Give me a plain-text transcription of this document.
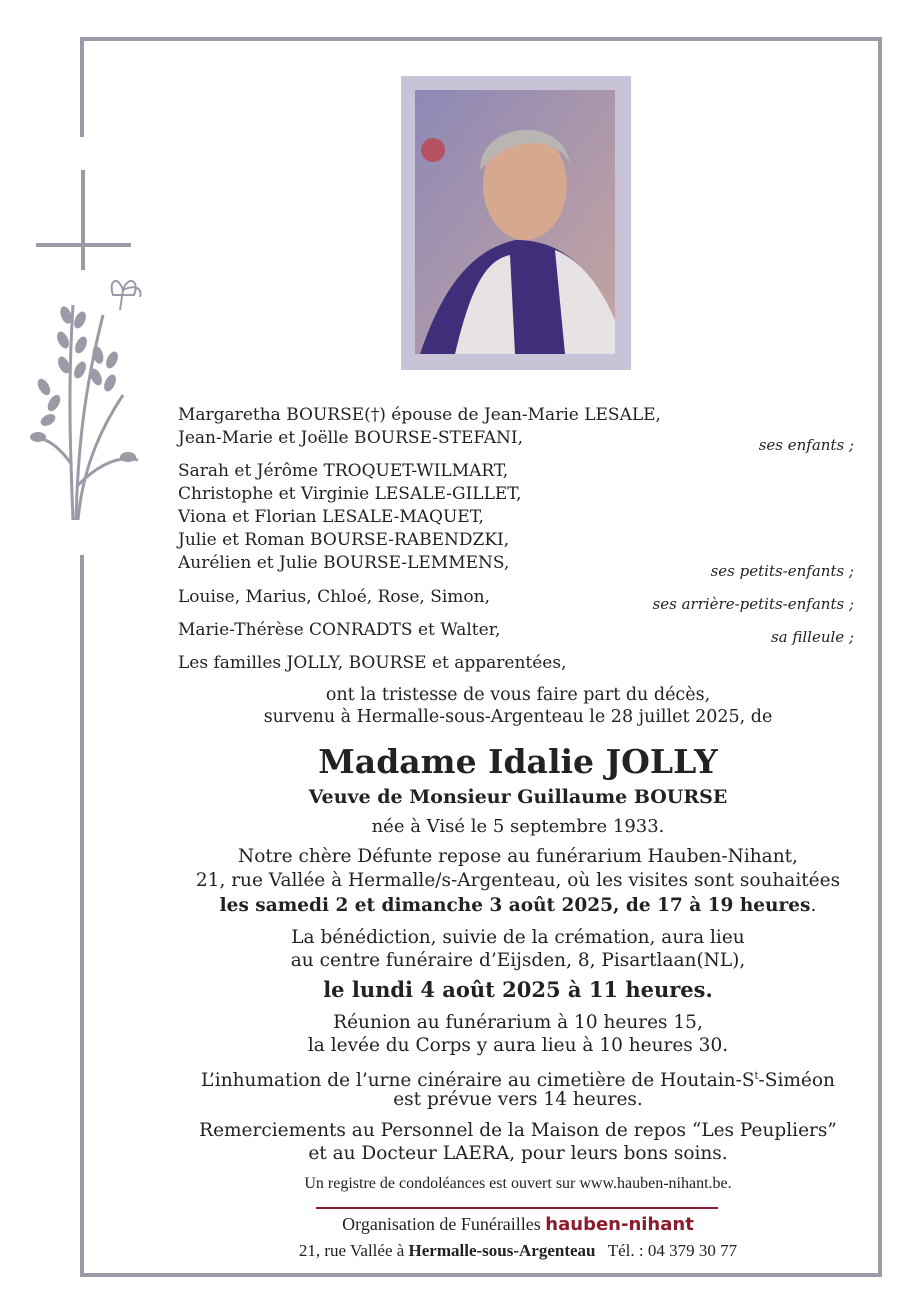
Margaretha BOURSE(†) épouse de Jean-Marie LESALE,
Jean-Marie et Joëlle BOURSE-STEFANI,	ses enfants ;
Sarah et Jérôme TROQUET-WILMART,
Christophe et Virginie LESALE-GILLET,
Viona et Florian LESALE-MAQUET,
Julie et Roman BOURSE-RABENDZKI,
Aurélien et Julie BOURSE-LEMMENS,	ses petits-enfants ;
Louise, Marius, Chloé, Rose, Simon,	ses arrière-petits-enfants ;
Marie-Thérèse CONRADTS et Walter,	sa filleule ;
Les familles JOLLY, BOURSE et apparentées,
ont la tristesse de vous faire part du décès,
survenu à Hermalle-sous-Argenteau le 28 juillet 2025, de
Madame Idalie JOLLY
Veuve de Monsieur Guillaume BOURSE
née à Visé le 5 septembre 1933.
Notre chère Défunte repose au funérarium Hauben-Nihant,
21, rue Vallée à Hermalle/s-Argenteau, où les visites sont souhaitées
les samedi 2 et dimanche 3 août 2025, de 17 à 19 heures.
La bénédiction, suivie de la crémation, aura lieu
au centre funéraire d’Eijsden, 8, Pisartlaan(NL),
le lundi 4 août 2025 à 11 heures.
Réunion au funérarium à 10 heures 15,
la levée du Corps y aura lieu à 10 heures 30.
L’inhumation de l’urne cinéraire au cimetière de Houtain-$S^t$-Siméon
est prévue vers 14 heures.
Remerciements au Personnel de la Maison de repos “Les Peupliers”
et au Docteur LAERA, pour leurs bons soins.
Un registre de condoléances est ouvert sur www.hauben-nihant.be.
Organisation de Funérailles hauben-nihant
21, rue Vallée à Hermalle-sous-Argenteau Tél. : 04 379 30 77
